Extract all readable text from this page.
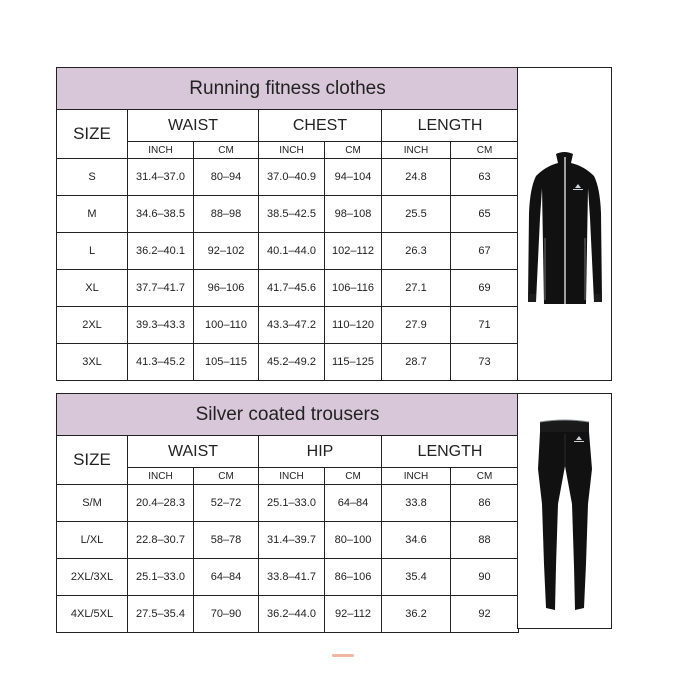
Running fitness clothes						
SIZE	WAIST		CHEST		LENGTH	
	INCH	CM	INCH	CM	INCH	CM
S	31.4–37.0	80–94	37.0–40.9	94–104	24.8	63
M	34.6–38.5	88–98	38.5–42.5	98–108	25.5	65
L	36.2–40.1	92–102	40.1–44.0	102–112	26.3	67
XL	37.7–41.7	96–106	41.7–45.6	106–116	27.1	69
2XL	39.3–43.3	100–110	43.3–47.2	110–120	27.9	71
3XL	41.3–45.2	105–115	45.2–49.2	115–125	28.7	73
Silver coated trousers						
SIZE	WAIST		HIP		LENGTH	
	INCH	CM	INCH	CM	INCH	CM
S/M	20.4–28.3	52–72	25.1–33.0	64–84	33.8	86
L/XL	22.8–30.7	58–78	31.4–39.7	80–100	34.6	88
2XL/3XL	25.1–33.0	64–84	33.8–41.7	86–106	35.4	90
4XL/5XL	27.5–35.4	70–90	36.2–44.0	92–112	36.2	92
